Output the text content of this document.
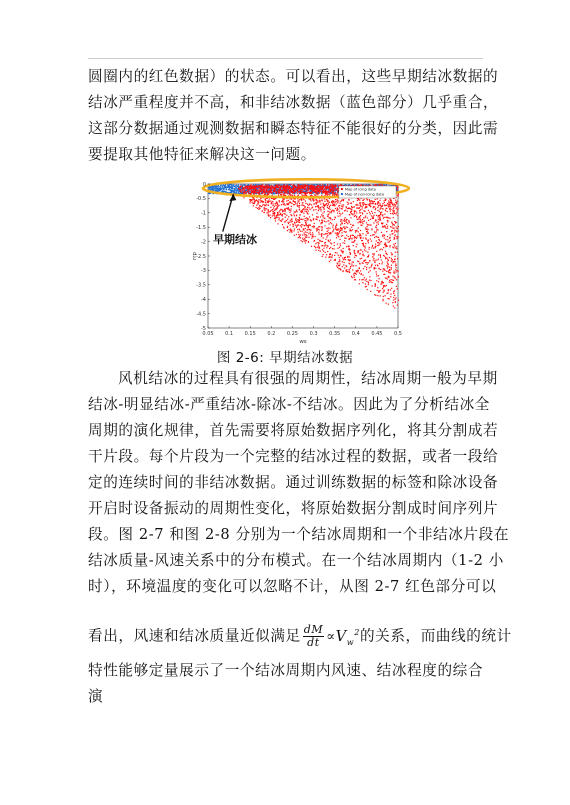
圆圈内的红色数据）的状态。可以看出，这些早期结冰数据的
结冰严重程度并不高，和非结冰数据（蓝色部分）几乎重合，
这部分数据通过观测数据和瞬态特征不能很好的分类，因此需
要提取其他特征来解决这一问题。
早期结冰
Map of icing data
Map of non-icing data
0.05 0.1 0.15 0.2 0.25 0.3 0.35 0.4 0.45 0.5
0
-0.5
-1
-1.5
-2
-2.5
-3
-3.5
-4
-4.5
-5
ws
rrp
图 2-6: 早期结冰数据
风机结冰的过程具有很强的周期性，结冰周期一般为早期
结冰-明显结冰-严重结冰-除冰-不结冰。因此为了分析结冰全
周期的演化规律，首先需要将原始数据序列化，将其分割成若
干片段。每个片段为一个完整的结冰过程的数据，或者一段给
定的连续时间的非结冰数据。通过训练数据的标签和除冰设备
开启时设备振动的周期性变化，将原始数据分割成时间序列片
段。图 2-7 和图 2-8 分别为一个结冰周期和一个非结冰片段在
结冰质量-风速关系中的分布模式。在一个结冰周期内（1-2 小
时），环境温度的变化可以忽略不计，从图 2-7 红色部分可以
看出，风速和结冰质量近似满足 $\frac{dM}{dt} \propto V_w^2$的关系，而曲线的统计
特性能够定量展示了一个结冰周期内风速、结冰程度的综合演
